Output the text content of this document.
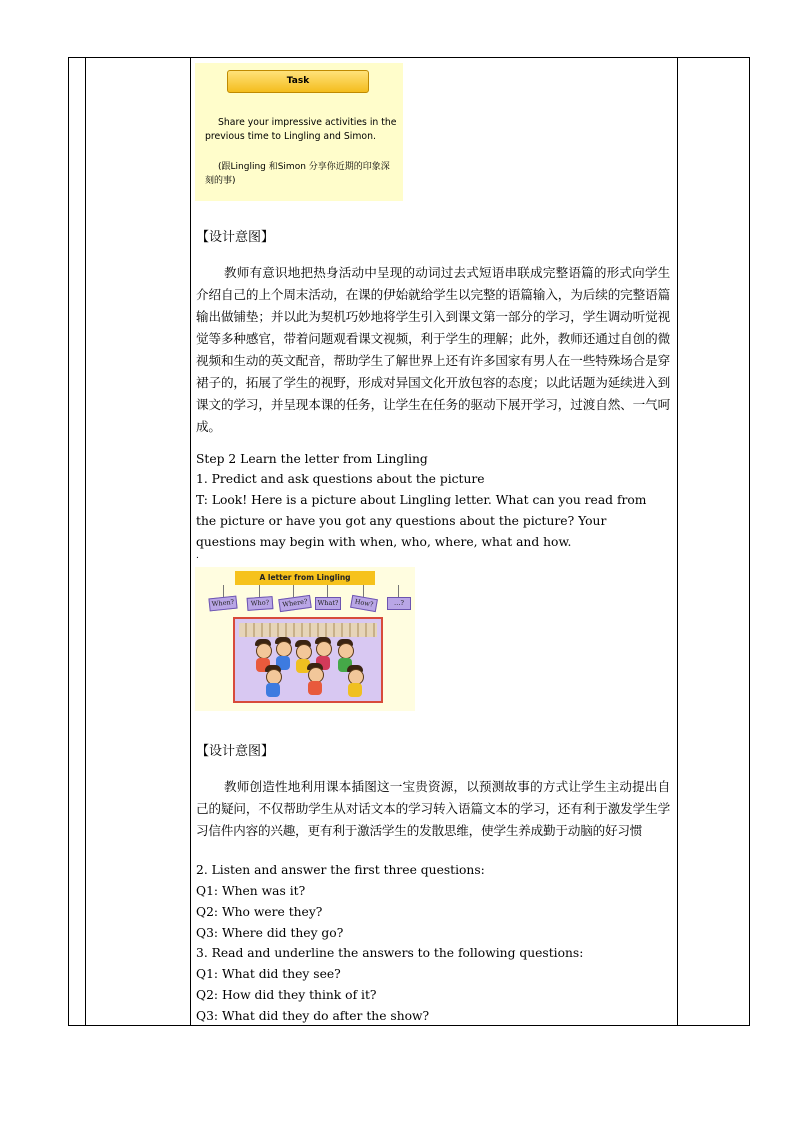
Task
Share your impressive activities in the previous time to Lingling and Simon.
(跟Lingling 和Simon 分享你近期的印象深刻的事)
【设计意图】
教师有意识地把热身活动中呈现的动词过去式短语串联成完整语篇的形式向学生介绍自己的上个周末活动，在课的伊始就给学生以完整的语篇输入，为后续的完整语篇输出做铺垫；并以此为契机巧妙地将学生引入到课文第一部分的学习，学生调动听觉视觉等多种感官，带着问题观看课文视频，利于学生的理解；此外，教师还通过自创的微视频和生动的英文配音，帮助学生了解世界上还有许多国家有男人在一些特殊场合是穿裙子的，拓展了学生的视野，形成对异国文化开放包容的态度；以此话题为延续进入到课文的学习，并呈现本课的任务，让学生在任务的驱动下展开学习，过渡自然、一气呵成。
Step 2 Learn the letter from Lingling
1. Predict and ask questions about the picture
T: Look! Here is a picture about Lingling letter. What can you read from the picture or have you got any questions about the picture? Your questions may begin with when, who, where, what and how.
.
A letter from Lingling
When?	Who?	Where?	What?	How?	…?
【设计意图】
教师创造性地利用课本插图这一宝贵资源，以预测故事的方式让学生主动提出自己的疑问，不仅帮助学生从对话文本的学习转入语篇文本的学习，还有利于激发学生学习信件内容的兴趣，更有利于激活学生的发散思维，使学生养成勤于动脑的好习惯
2. Listen and answer the first three questions:
Q1: When was it?
Q2: Who were they?
Q3: Where did they go?
3. Read and underline the answers to the following questions:
Q1: What did they see?
Q2: How did they think of it?
Q3: What did they do after the show?
